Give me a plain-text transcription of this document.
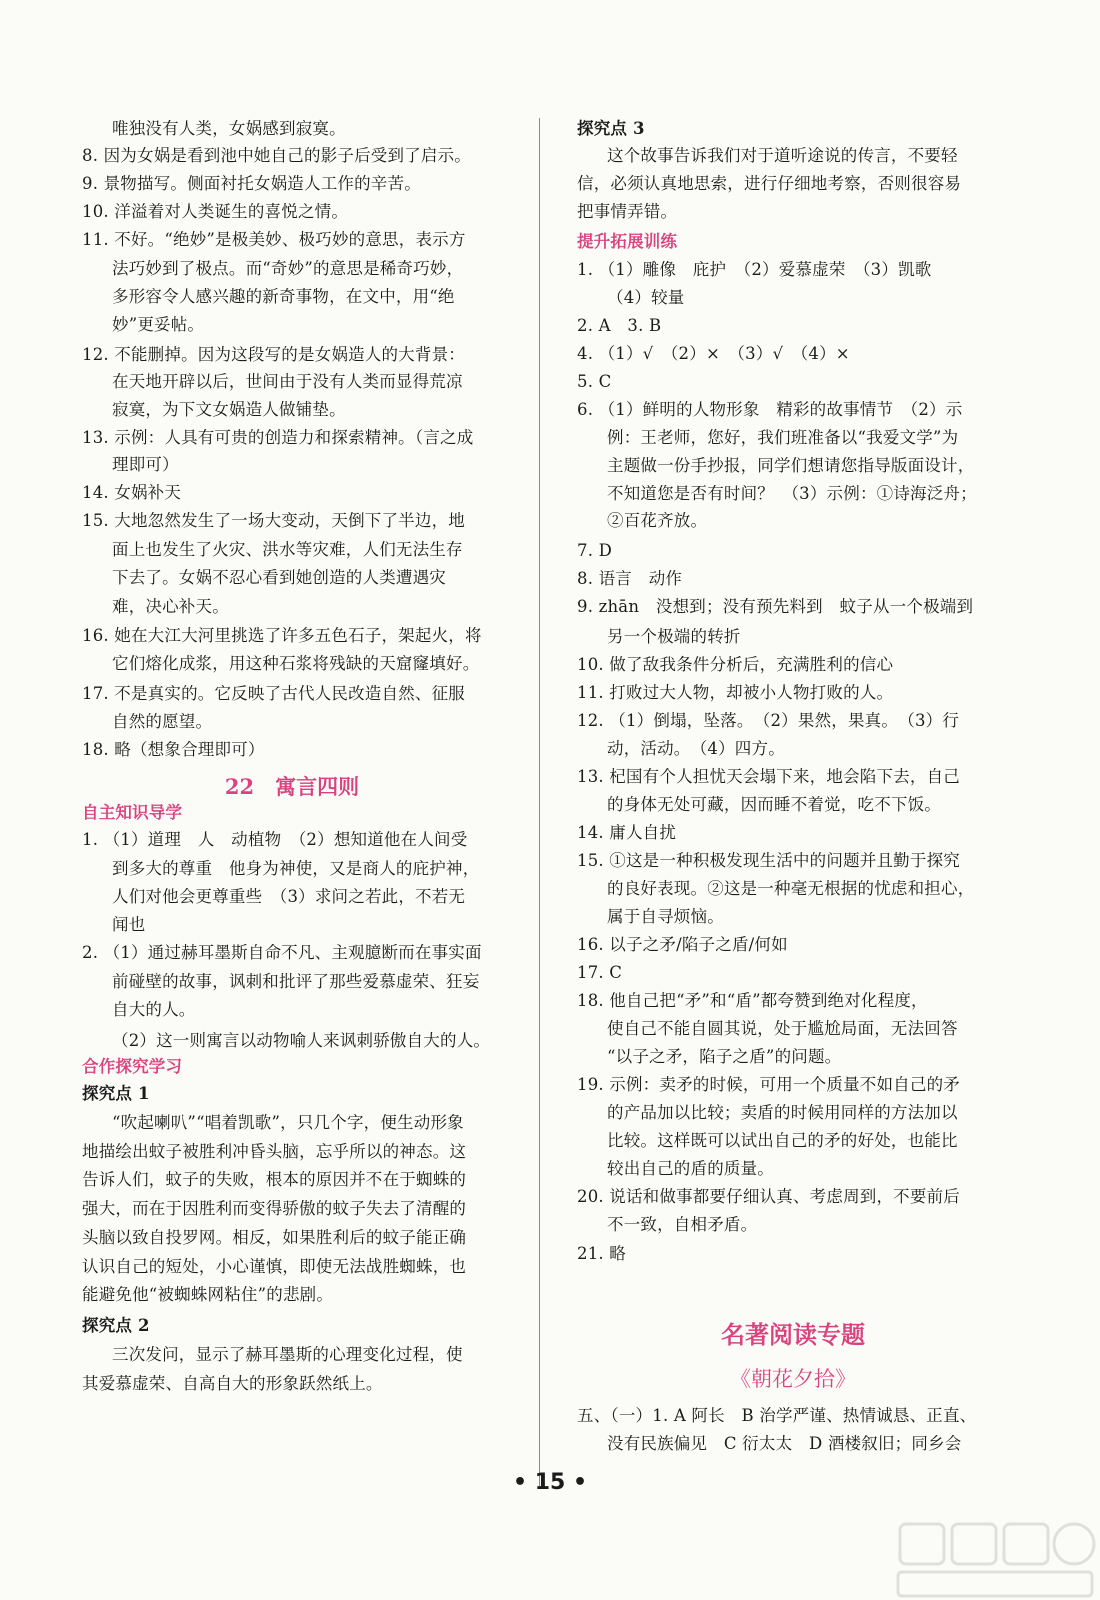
唯独没有人类，女娲感到寂寞。
8. 因为女娲是看到池中她自己的影子后受到了启示。
9. 景物描写。侧面衬托女娲造人工作的辛苦。
10. 洋溢着对人类诞生的喜悦之情。
11. 不好。“绝妙”是极美妙、极巧妙的意思，表示方
法巧妙到了极点。而“奇妙”的意思是稀奇巧妙，
多形容令人感兴趣的新奇事物，在文中，用“绝
妙”更妥帖。
12. 不能删掉。因为这段写的是女娲造人的大背景：
在天地开辟以后，世间由于没有人类而显得荒凉
寂寞，为下文女娲造人做铺垫。
13. 示例：人具有可贵的创造力和探索精神。（言之成
理即可）
14. 女娲补天
15. 大地忽然发生了一场大变动，天倒下了半边，地
面上也发生了火灾、洪水等灾难，人们无法生存
下去了。女娲不忍心看到她创造的人类遭遇灾
难，决心补天。
16. 她在大江大河里挑选了许多五色石子，架起火，将
它们熔化成浆，用这种石浆将残缺的天窟窿填好。
17. 不是真实的。它反映了古代人民改造自然、征服
自然的愿望。
18. 略（想象合理即可）
22　寓言四则
自主知识导学
1. （1）道理　人　动植物　（2）想知道他在人间受
到多大的尊重　他身为神使，又是商人的庇护神，
人们对他会更尊重些　（3）求问之若此，不若无
闻也
2. （1）通过赫耳墨斯自命不凡、主观臆断而在事实面
前碰壁的故事，讽刺和批评了那些爱慕虚荣、狂妄
自大的人。
（2）这一则寓言以动物喻人来讽刺骄傲自大的人。
合作探究学习
探究点 1
“吹起喇叭”“唱着凯歌”，只几个字，便生动形象
地描绘出蚊子被胜利冲昏头脑，忘乎所以的神态。这
告诉人们，蚊子的失败，根本的原因并不在于蜘蛛的
强大，而在于因胜利而变得骄傲的蚊子失去了清醒的
头脑以致自投罗网。相反，如果胜利后的蚊子能正确
认识自己的短处，小心谨慎，即使无法战胜蜘蛛，也
能避免他“被蜘蛛网粘住”的悲剧。
探究点 2
三次发问，显示了赫耳墨斯的心理变化过程，使
其爱慕虚荣、自高自大的形象跃然纸上。
探究点 3
这个故事告诉我们对于道听途说的传言，不要轻
信，必须认真地思索，进行仔细地考察，否则很容易
把事情弄错。
提升拓展训练
1. （1）雕像　庇护　（2）爱慕虚荣　（3）凯歌
（4）较量
2. A　3. B
4. （1）√　（2）×　（3）√　（4）×
5. C
6. （1）鲜明的人物形象　精彩的故事情节　（2）示
例：王老师，您好，我们班准备以“我爱文学”为
主题做一份手抄报，同学们想请您指导版面设计，
不知道您是否有时间？　（3）示例：①诗海泛舟；
②百花齐放。
7. D
8. 语言　动作
9. zhān　没想到；没有预先料到　蚊子从一个极端到
另一个极端的转折
10. 做了敌我条件分析后，充满胜利的信心
11. 打败过大人物，却被小人物打败的人。
12. （1）倒塌，坠落。　（2）果然，果真。　（3）行
动，活动。　（4）四方。
13. 杞国有个人担忧天会塌下来，地会陷下去，自己
的身体无处可藏，因而睡不着觉，吃不下饭。
14. 庸人自扰
15. ①这是一种积极发现生活中的问题并且勤于探究
的良好表现。②这是一种毫无根据的忧虑和担心，
属于自寻烦恼。
16. 以子之矛/陷子之盾/何如
17. C
18. 他自己把“矛”和“盾”都夸赞到绝对化程度，
使自己不能自圆其说，处于尴尬局面，无法回答
“以子之矛，陷子之盾”的问题。
19. 示例：卖矛的时候，可用一个质量不如自己的矛
的产品加以比较；卖盾的时候用同样的方法加以
比较。这样既可以试出自己的矛的好处，也能比
较出自己的盾的质量。
20. 说话和做事都要仔细认真、考虑周到，不要前后
不一致，自相矛盾。
21. 略
名著阅读专题
《朝花夕拾》
五、（一）1. A 阿长　B 治学严谨、热情诚恳、正直、
没有民族偏见　C 衍太太　D 酒楼叙旧；同乡会
• 15 •
